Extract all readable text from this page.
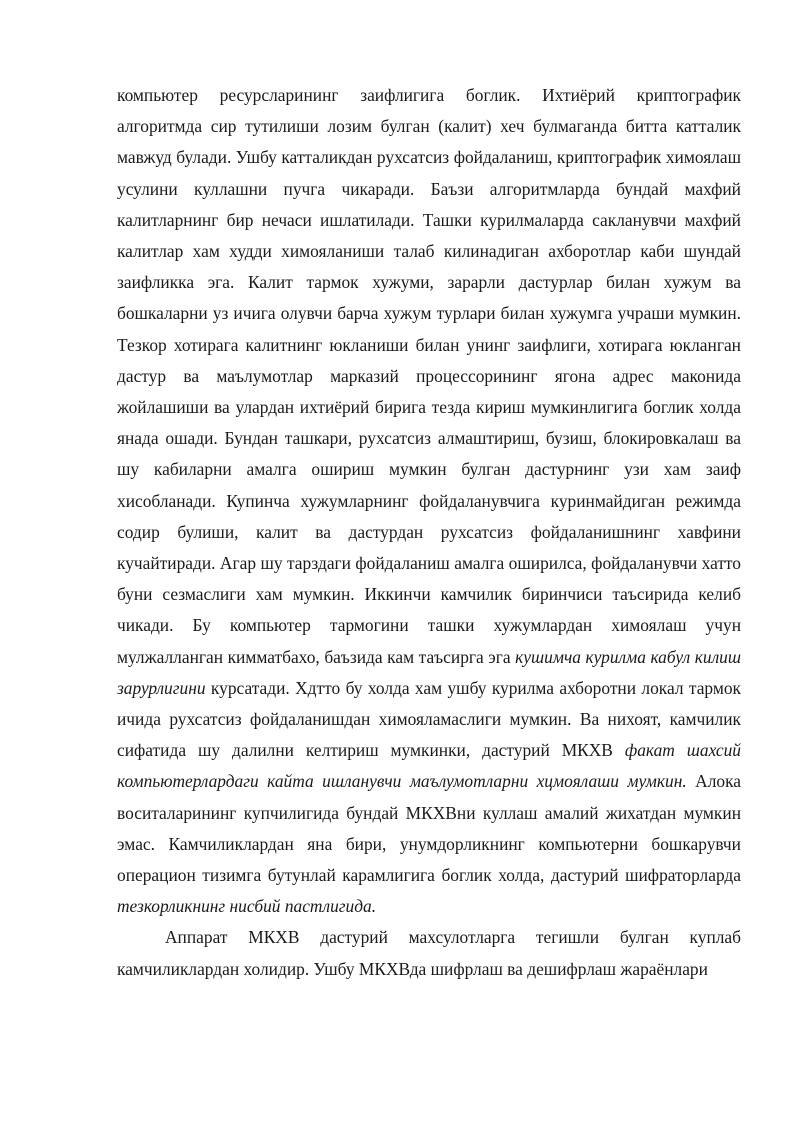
компьютер ресурсларининг заифлигига боглик. Ихтиёрий криптографик алгоритмда сир тутилиши лозим булган (калит) хеч булмаганда битта катталик мавжуд булади. Ушбу катталикдан рухсатсиз фойдаланиш, криптографик химоялаш усулини куллашни пучга чикаради. Баъзи алгоритмларда бундай махфий калитларнинг бир нечаси ишлатилади. Ташки курилмаларда сакланувчи махфий калитлар хам худди химояланиши талаб килинадиган ахборотлар каби шундай заифликка эга. Калит тармок хужуми, зарарли дастурлар билан хужум ва бошкаларни уз ичига олувчи барча хужум турлари билан хужумга учраши мумкин. Тезкор хотирага калитнинг юкланиши билан унинг заифлиги, хотирага юкланган дастур ва маълумотлар марказий процессорининг ягона адрес маконида жойлашиши ва улардан ихтиёрий бирига тезда кириш мумкинлигига боглик холда янада ошади. Бундан ташкари, рухсатсиз алмаштириш, бузиш, блокировкалаш ва шу кабиларни амалга ошириш мумкин булган дастурнинг узи хам заиф хисобланади. Купинча хужумларнинг фойдаланувчига куринмайдиган режимда содир булиши, калит ва дастурдан рухсатсиз фойдаланишнинг хавфини кучайтиради. Агар шу тарздаги фойдаланиш амалга оширилса, фойдаланувчи хатто буни сезмаслиги хам мумкин. Иккинчи камчилик биринчиси таъсирида келиб чикади. Бу компьютер тармогини ташки хужумлардан химоялаш учун мулжалланган кимматбахо, баъзида кам таъсирга эга кушимча курилма кабул килиш зарурлигини курсатади. Хдтто бу холда хам ушбу курилма ахборотни локал тармок ичида рухсатсиз фойдаланишдан химояламаслиги мумкин. Ва нихоят, камчилик сифатида шу далилни келтириш мумкинки, дастурий МКХВ факат шахсий компьютерлардаги кайта ишланувчи маълумотларни хцмоялаши мумкин. Алока воситаларининг купчилигида бундай МКХВни куллаш амалий жихатдан мумкин эмас. Камчиликлардан яна бири, унумдорликнинг компьютерни бошкарувчи операцион тизимга бутунлай карамлигига боглик холда, дастурий шифраторларда тезкорликнинг нисбий пастлигида.

Аппарат МКХВ дастурий махсулотларга тегишли булган куплаб камчиликлардан холидир. Ушбу МКХВда шифрлаш ва дешифрлаш жараёнлари
